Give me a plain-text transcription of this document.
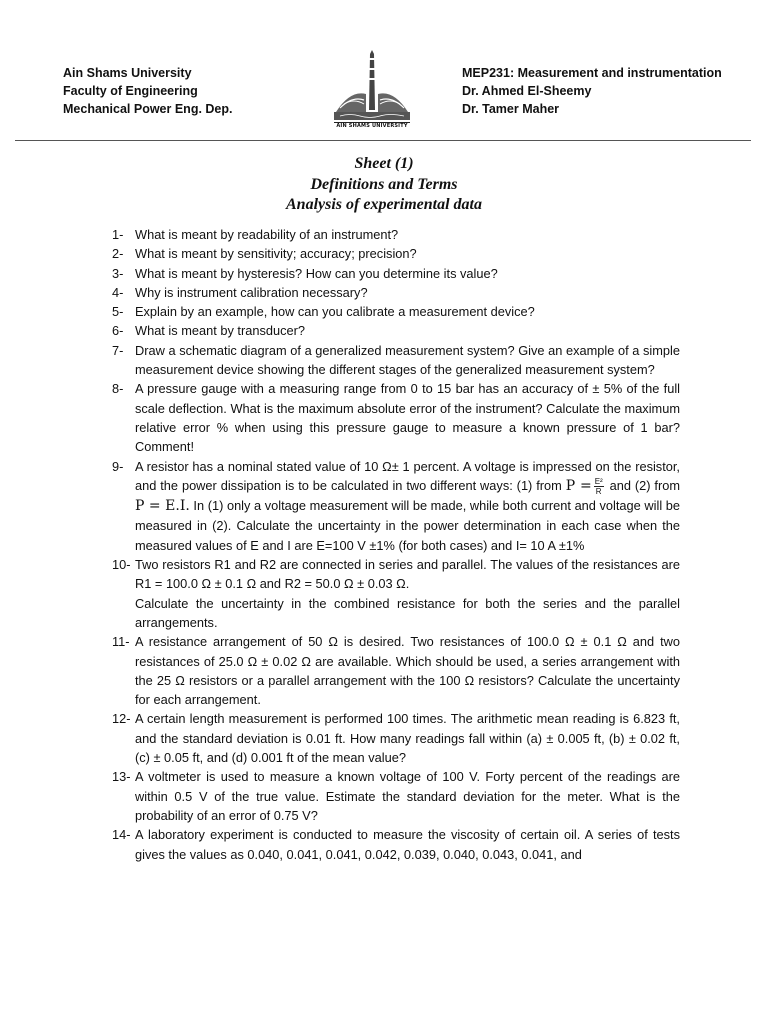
Ain Shams University
Faculty of Engineering
Mechanical Power Eng. Dep.
AIN SHAMS UNIVERSITY
MEP231: Measurement and instrumentation
Dr. Ahmed El-Sheemy
Dr. Tamer Maher
Sheet (1)
Definitions and Terms
Analysis of experimental data
1- What is meant by readability of an instrument?
2- What is meant by sensitivity; accuracy; precision?
3- What is meant by hysteresis? How can you determine its value?
4- Why is instrument calibration necessary?
5- Explain by an example, how can you calibrate a measurement device?
6- What is meant by transducer?
7- Draw a schematic diagram of a generalized measurement system? Give an example of a simple measurement device showing the different stages of the generalized measurement system?
8- A pressure gauge with a measuring range from 0 to 15 bar has an accuracy of ± 5% of the full scale deflection. What is the maximum absolute error of the instrument? Calculate the maximum relative error % when using this pressure gauge to measure a known pressure of 1 bar? Comment!
9- A resistor has a nominal stated value of 10 Ω± 1 percent. A voltage is impressed on the resistor, and the power dissipation is to be calculated in two different ways: (1) from $P = \frac{\text{E²}}{R}$ and (2) from P = E.I. In (1) only a voltage measurement will be made, while both current and voltage will be measured in (2). Calculate the uncertainty in the power determination in each case when the measured values of E and I are E=100 V ±1% (for both cases) and I= 10 A ±1%
10- Two resistors R1 and R2 are connected in series and parallel. The values of the resistances are R1 = 100.0 Ω ± 0.1 Ω and R2 = 50.0 Ω ± 0.03 Ω.
Calculate the uncertainty in the combined resistance for both the series and the parallel arrangements.
11- A resistance arrangement of 50 Ω is desired. Two resistances of 100.0 Ω ± 0.1 Ω and two resistances of 25.0 Ω ± 0.02 Ω are available. Which should be used, a series arrangement with the 25 Ω resistors or a parallel arrangement with the 100 Ω resistors? Calculate the uncertainty for each arrangement.
12- A certain length measurement is performed 100 times. The arithmetic mean reading is 6.823 ft, and the standard deviation is 0.01 ft. How many readings fall within (a) ± 0.005 ft, (b) ± 0.02 ft, (c) ± 0.05 ft, and (d) 0.001 ft of the mean value?
13- A voltmeter is used to measure a known voltage of 100 V. Forty percent of the readings are within 0.5 V of the true value. Estimate the standard deviation for the meter. What is the probability of an error of 0.75 V?
14- A laboratory experiment is conducted to measure the viscosity of certain oil. A series of tests gives the values as 0.040, 0.041, 0.041, 0.042, 0.039, 0.040, 0.043, 0.041, and
